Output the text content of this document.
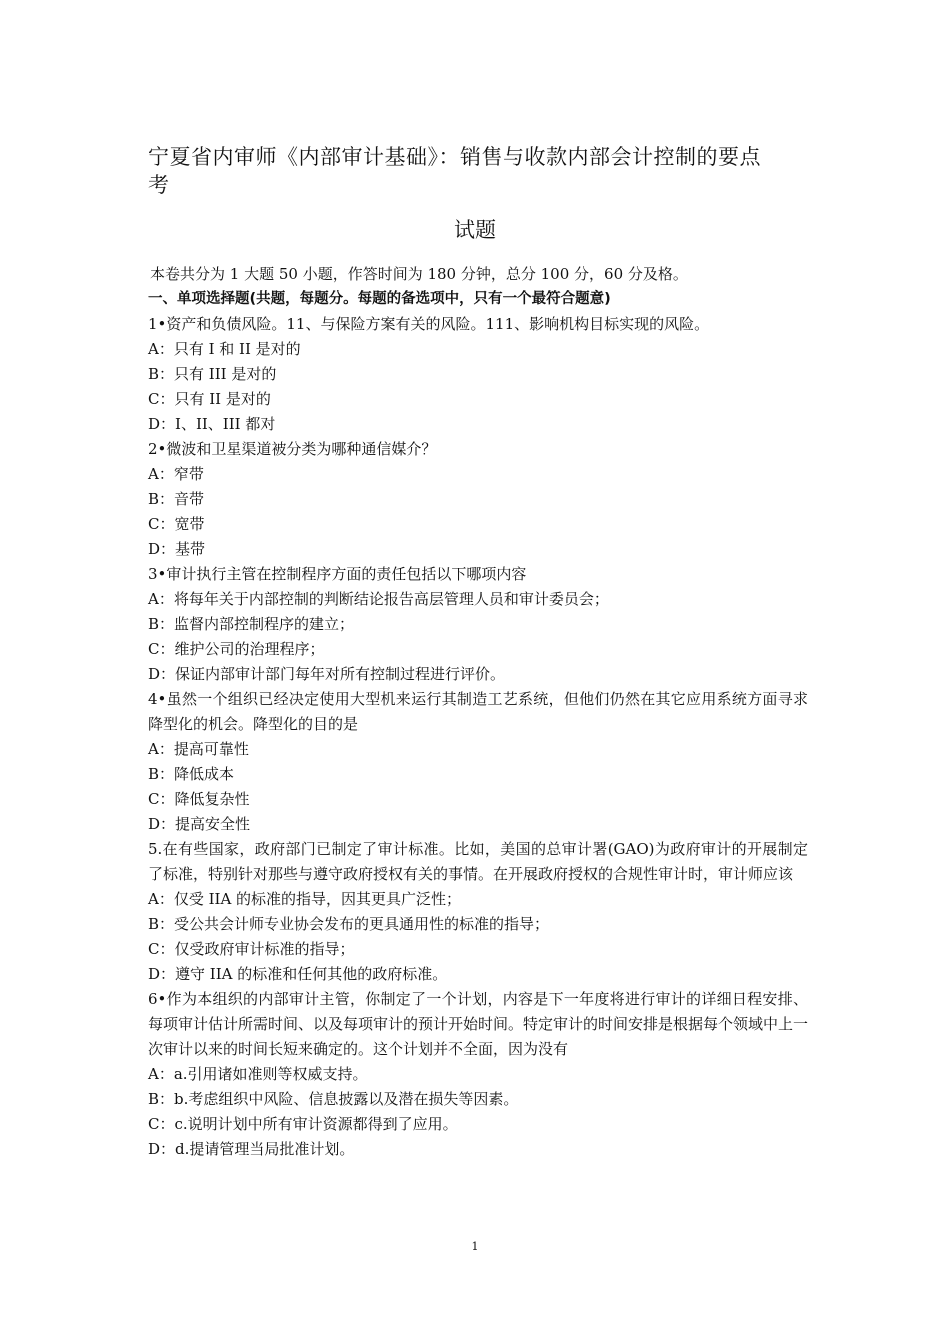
宁夏省内审师《内部审计基础》：销售与收款内部会计控制的要点
考
试题

本卷共分为 1 大题 50 小题，作答时间为 180 分钟，总分 100 分，60 分及格。

一、单项选择题(共题，每题分。每题的备选项中，只有一个最符合题意)

1•资产和负债风险。11、与保险方案有关的风险。111、影响机构目标实现的风险。

A：只有 I 和 II 是对的

B：只有 III 是对的

C：只有 II 是对的

D：I、II、III 都对

2•微波和卫星渠道被分类为哪种通信媒介？

A：窄带

B：音带

C：宽带

D：基带

3•审计执行主管在控制程序方面的责任包括以下哪项内容

A：将每年关于内部控制的判断结论报告高层管理人员和审计委员会；

B：监督内部控制程序的建立；

C：维护公司的治理程序；

D：保证内部审计部门每年对所有控制过程进行评价。

4•虽然一个组织已经决定使用大型机来运行其制造工艺系统，但他们仍然在其它应用系统方面寻求降型化的机会。降型化的目的是

A：提高可靠性

B：降低成本

C：降低复杂性

D：提高安全性

5.在有些国家，政府部门已制定了审计标准。比如，美国的总审计署(GAO)为政府审计的开展制定了标准，特别针对那些与遵守政府授权有关的事情。在开展政府授权的合规性审计时，审计师应该

A：仅受 IIA 的标准的指导，因其更具广泛性；

B：受公共会计师专业协会发布的更具通用性的标准的指导；

C：仅受政府审计标准的指导；

D：遵守 IIA 的标准和任何其他的政府标准。

6•作为本组织的内部审计主管，你制定了一个计划，内容是下一年度将进行审计的详细日程安排、每项审计估计所需时间、以及每项审计的预计开始时间。特定审计的时间安排是根据每个领域中上一次审计以来的时间长短来确定的。这个计划并不全面，因为没有

A：a.引用诸如准则等权威支持。

B：b.考虑组织中风险、信息披露以及潜在损失等因素。

C：c.说明计划中所有审计资源都得到了应用。

D：d.提请管理当局批准计划。

1
